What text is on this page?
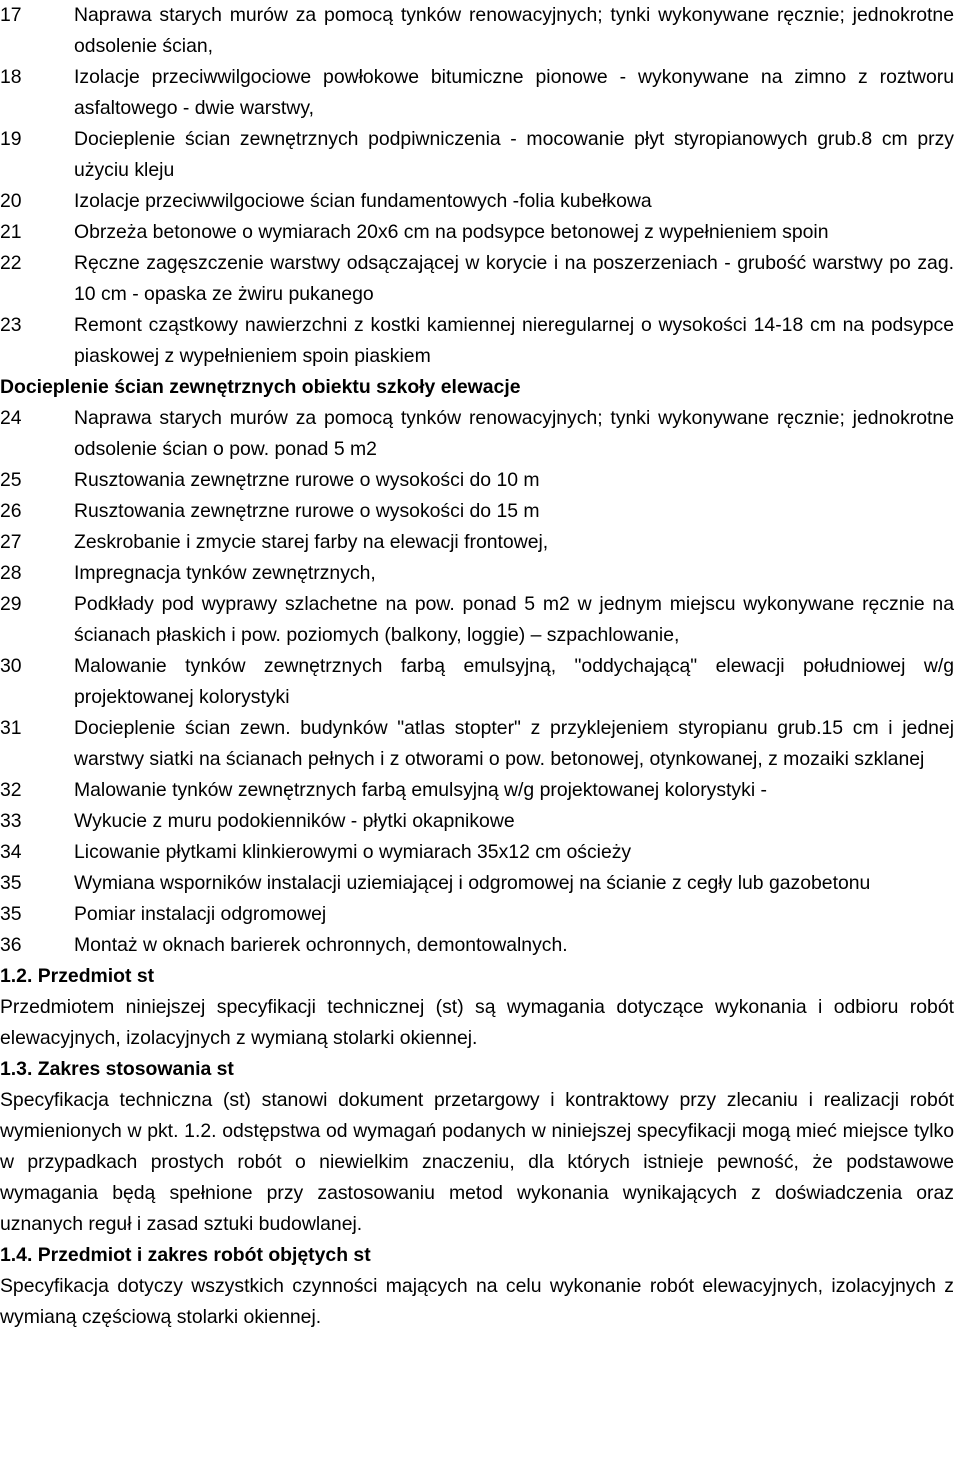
17	Naprawa starych murów za pomocą tynków renowacyjnych; tynki wykonywane ręcznie; jednokrotne odsolenie ścian,
18	Izolacje przeciwwilgociowe powłokowe bitumiczne pionowe - wykonywane na zimno z roztworu asfaltowego - dwie warstwy,
19	Docieplenie ścian zewnętrznych podpiwniczenia - mocowanie płyt styropianowych grub.8 cm przy użyciu kleju
20	Izolacje przeciwwilgociowe ścian fundamentowych -folia kubełkowa
21	Obrzeża betonowe o wymiarach 20x6 cm na podsypce betonowej z wypełnieniem spoin
22	Ręczne zagęszczenie warstwy odsączającej w korycie i na poszerzeniach - grubość warstwy po zag. 10 cm - opaska ze żwiru pukanego
23	Remont cząstkowy nawierzchni z kostki kamiennej nieregularnej o wysokości 14-18 cm na podsypce piaskowej z wypełnieniem spoin piaskiem
Docieplenie ścian zewnętrznych obiektu szkoły elewacje
24	Naprawa starych murów za pomocą tynków renowacyjnych; tynki wykonywane ręcznie; jednokrotne odsolenie ścian o pow. ponad 5 m2
25	Rusztowania zewnętrzne rurowe o wysokości do 10 m
26	Rusztowania zewnętrzne rurowe o wysokości do 15 m
27	Zeskrobanie i zmycie starej farby na elewacji frontowej,
28	Impregnacja tynków zewnętrznych,
29	Podkłady pod wyprawy szlachetne na pow. ponad 5 m2 w jednym miejscu wykonywane ręcznie na ścianach płaskich i pow. poziomych (balkony, loggie) – szpachlowanie,
30	Malowanie tynków zewnętrznych farbą emulsyjną, "oddychającą" elewacji południowej w/g projektowanej kolorystyki
31	Docieplenie ścian zewn. budynków "atlas stopter" z przyklejeniem styropianu grub.15 cm i jednej warstwy siatki na ścianach pełnych i z otworami o pow. betonowej, otynkowanej, z mozaiki szklanej
32	Malowanie tynków zewnętrznych farbą emulsyjną w/g projektowanej kolorystyki -
33	Wykucie z muru podokienników - płytki okapnikowe
34	Licowanie płytkami klinkierowymi o wymiarach 35x12 cm ościeży
35	Wymiana wsporników instalacji uziemiającej i odgromowej na ścianie z cegły lub gazobetonu
35	Pomiar instalacji odgromowej
36	Montaż w oknach barierek ochronnych, demontowalnych.
1.2. Przedmiot st
Przedmiotem niniejszej specyfikacji technicznej (st) są wymagania dotyczące wykonania i odbioru robót elewacyjnych, izolacyjnych z wymianą stolarki okiennej.
1.3. Zakres stosowania st
Specyfikacja techniczna (st) stanowi dokument przetargowy i kontraktowy przy zlecaniu i realizacji robót wymienionych w pkt. 1.2. odstępstwa od wymagań podanych w niniejszej specyfikacji mogą mieć miejsce tylko w przypadkach prostych robót o niewielkim znaczeniu, dla których istnieje pewność, że podstawowe wymagania będą spełnione przy zastosowaniu metod wykonania wynikających z doświadczenia oraz uznanych reguł i zasad sztuki budowlanej.
1.4. Przedmiot i zakres robót objętych st
Specyfikacja dotyczy wszystkich czynności mających na celu wykonanie robót elewacyjnych, izolacyjnych z wymianą częściową stolarki okiennej.
